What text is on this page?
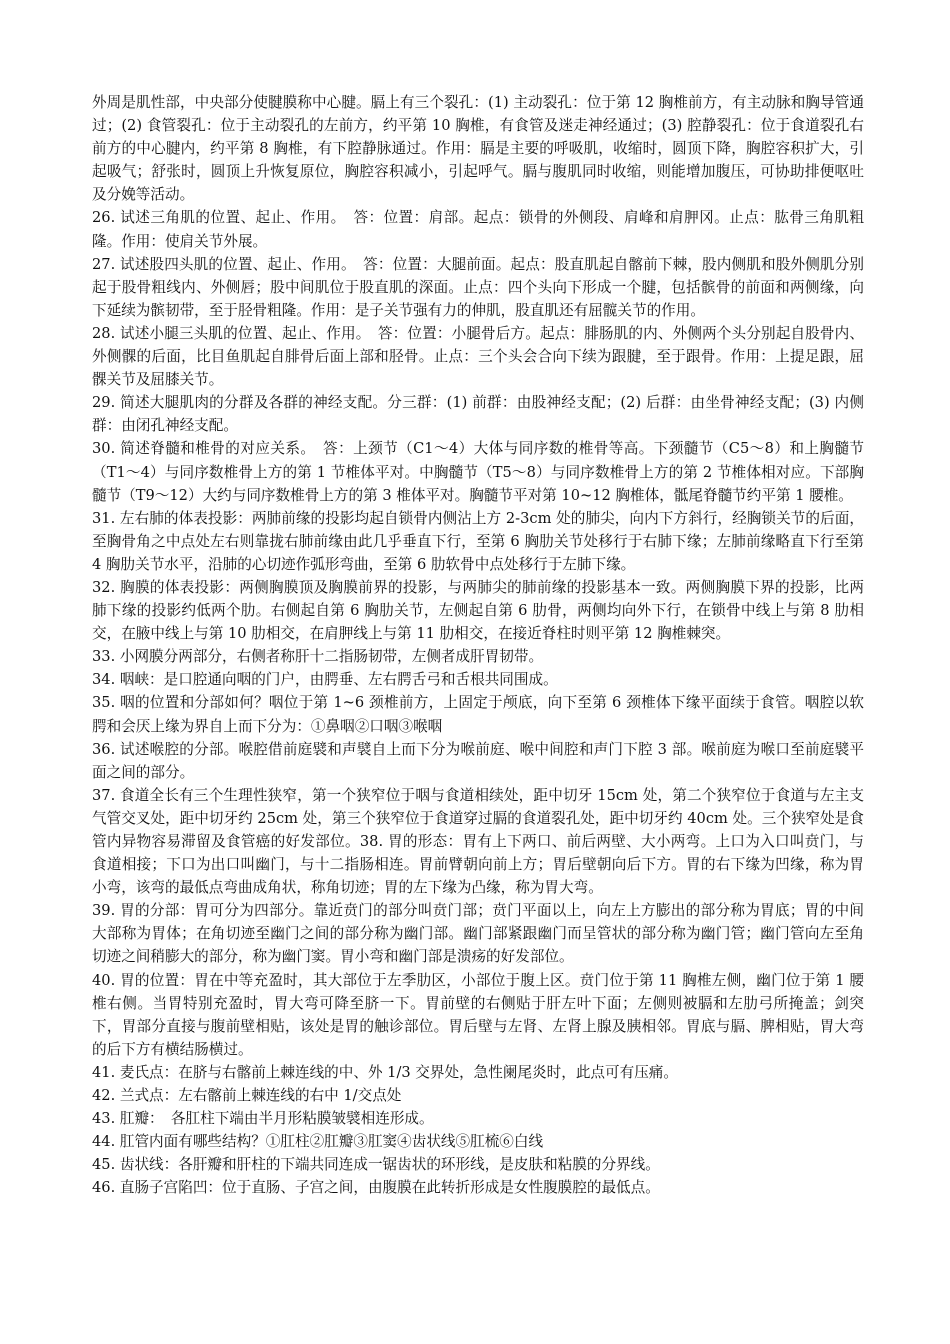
外周是肌性部，中央部分使腱膜称中心腱。膈上有三个裂孔：(1) 主动裂孔：位于第 12 胸椎前方，有主动脉和胸导管通过；(2) 食管裂孔：位于主动裂孔的左前方，约平第 10 胸椎，有食管及迷走神经通过；(3) 腔静裂孔：位于食道裂孔右前方的中心腱内，约平第 8 胸椎，有下腔静脉通过。作用：膈是主要的呼吸肌，收缩时，圆顶下降，胸腔容积扩大，引起吸气；舒张时，圆顶上升恢复原位，胸腔容积减小，引起呼气。膈与腹肌同时收缩，则能增加腹压，可协助排便呕吐及分娩等活动。

26. 试述三角肌的位置、起止、作用。　答：位置：肩部。起点：锁骨的外侧段、肩峰和肩胛冈。止点：肱骨三角肌粗隆。作用：使肩关节外展。

27. 试述股四头肌的位置、起止、作用。　答：位置：大腿前面。起点：股直肌起自髂前下棘，股内侧肌和股外侧肌分别起于股骨粗线内、外侧唇；股中间肌位于股直肌的深面。止点：四个头向下形成一个腱，包括髌骨的前面和两侧缘，向下延续为髌韧带，至于胫骨粗隆。作用：是子关节强有力的伸肌，股直肌还有屈髋关节的作用。

28. 试述小腿三头肌的位置、起止、作用。　答：位置：小腿骨后方。起点：腓肠肌的内、外侧两个头分别起自股骨内、外侧髁的后面，比目鱼肌起自腓骨后面上部和胫骨。止点：三个头会合向下续为跟腱，至于跟骨。作用：上提足跟，屈髁关节及屈膝关节。

29. 简述大腿肌肉的分群及各群的神经支配。分三群：(1) 前群：由股神经支配；(2) 后群：由坐骨神经支配；(3) 内侧群：由闭孔神经支配。

30. 简述脊髓和椎骨的对应关系。　答：上颈节（C1～4）大体与同序数的椎骨等高。下颈髓节（C5～8）和上胸髓节（T1～4）与同序数椎骨上方的第 1 节椎体平对。中胸髓节（T5～8）与同序数椎骨上方的第 2 节椎体相对应。下部胸髓节（T9～12）大约与同序数椎骨上方的第 3 椎体平对。胸髓节平对第 10~12 胸椎体，骶尾脊髓节约平第 1 腰椎。

31. 左右肺的体表投影：两肺前缘的投影均起自锁骨内侧沾上方 2-3cm 处的肺尖，向内下方斜行，经胸锁关节的后面，至胸骨角之中点处左右则靠拢右肺前缘由此几乎垂直下行，至第 6 胸肋关节处移行于右肺下缘；左肺前缘略直下行至第 4 胸肋关节水平，沿肺的心切迹作弧形弯曲，至第 6 肋软骨中点处移行于左肺下缘。

32. 胸膜的体表投影：两侧胸膜顶及胸膜前界的投影，与两肺尖的肺前缘的投影基本一致。两侧胸膜下界的投影，比两肺下缘的投影约低两个肋。右侧起自第 6 胸肋关节，左侧起自第 6 肋骨，两侧均向外下行，在锁骨中线上与第 8 肋相交，在腋中线上与第 10 肋相交，在肩胛线上与第 11 肋相交，在接近脊柱时则平第 12 胸椎棘突。

33. 小网膜分两部分，右侧者称肝十二指肠韧带，左侧者成肝胃韧带。

34. 咽峡：是口腔通向咽的门户，由腭垂、左右腭舌弓和舌根共同围成。

35. 咽的位置和分部如何？咽位于第 1~6 颈椎前方，上固定于颅底，向下至第 6 颈椎体下缘平面续于食管。咽腔以软腭和会厌上缘为界自上而下分为：①鼻咽②口咽③喉咽

36. 试述喉腔的分部。喉腔借前庭襞和声襞自上而下分为喉前庭、喉中间腔和声门下腔 3 部。喉前庭为喉口至前庭襞平面之间的部分。

37. 食道全长有三个生理性狭窄，第一个狭窄位于咽与食道相续处，距中切牙 15cm 处，第二个狭窄位于食道与左主支气管交叉处，距中切牙约 25cm 处，第三个狭窄位于食道穿过膈的食道裂孔处，距中切牙约 40cm 处。三个狭窄处是食管内异物容易滞留及食管癌的好发部位。38. 胃的形态：胃有上下两口、前后两壁、大小两弯。上口为入口叫贲门，与食道相接；下口为出口叫幽门，与十二指肠相连。胃前臂朝向前上方；胃后壁朝向后下方。胃的右下缘为凹缘，称为胃小弯，该弯的最低点弯曲成角状，称角切迹；胃的左下缘为凸缘，称为胃大弯。

39. 胃的分部：胃可分为四部分。靠近贲门的部分叫贲门部；贲门平面以上，向左上方膨出的部分称为胃底；胃的中间大部称为胃体；在角切迹至幽门之间的部分称为幽门部。幽门部紧跟幽门而呈管状的部分称为幽门管；幽门管向左至角切迹之间稍膨大的部分，称为幽门窦。胃小弯和幽门部是溃疡的好发部位。

40. 胃的位置：胃在中等充盈时，其大部位于左季肋区，小部位于腹上区。贲门位于第 11 胸椎左侧，幽门位于第 1 腰椎右侧。当胃特别充盈时，胃大弯可降至脐一下。胃前壁的右侧贴于肝左叶下面；左侧则被膈和左肋弓所掩盖；剑突下，胃部分直接与腹前壁相贴，该处是胃的触诊部位。胃后壁与左肾、左肾上腺及胰相邻。胃底与膈、脾相贴，胃大弯的后下方有横结肠横过。

41. 麦氏点：在脐与右髂前上棘连线的中、外 1/3 交界处，急性阑尾炎时，此点可有压痛。

42. 兰式点：左右髂前上棘连线的右中 1/交点处

43. 肛瓣：　各肛柱下端由半月形粘膜皱襞相连形成。

44. 肛管内面有哪些结构？①肛柱②肛瓣③肛窦④齿状线⑤肛梳⑥白线

45. 齿状线：各肝瓣和肝柱的下端共同连成一锯齿状的环形线，是皮肤和粘膜的分界线。

46. 直肠子宫陷凹：位于直肠、子宫之间，由腹膜在此转折形成是女性腹膜腔的最低点。
